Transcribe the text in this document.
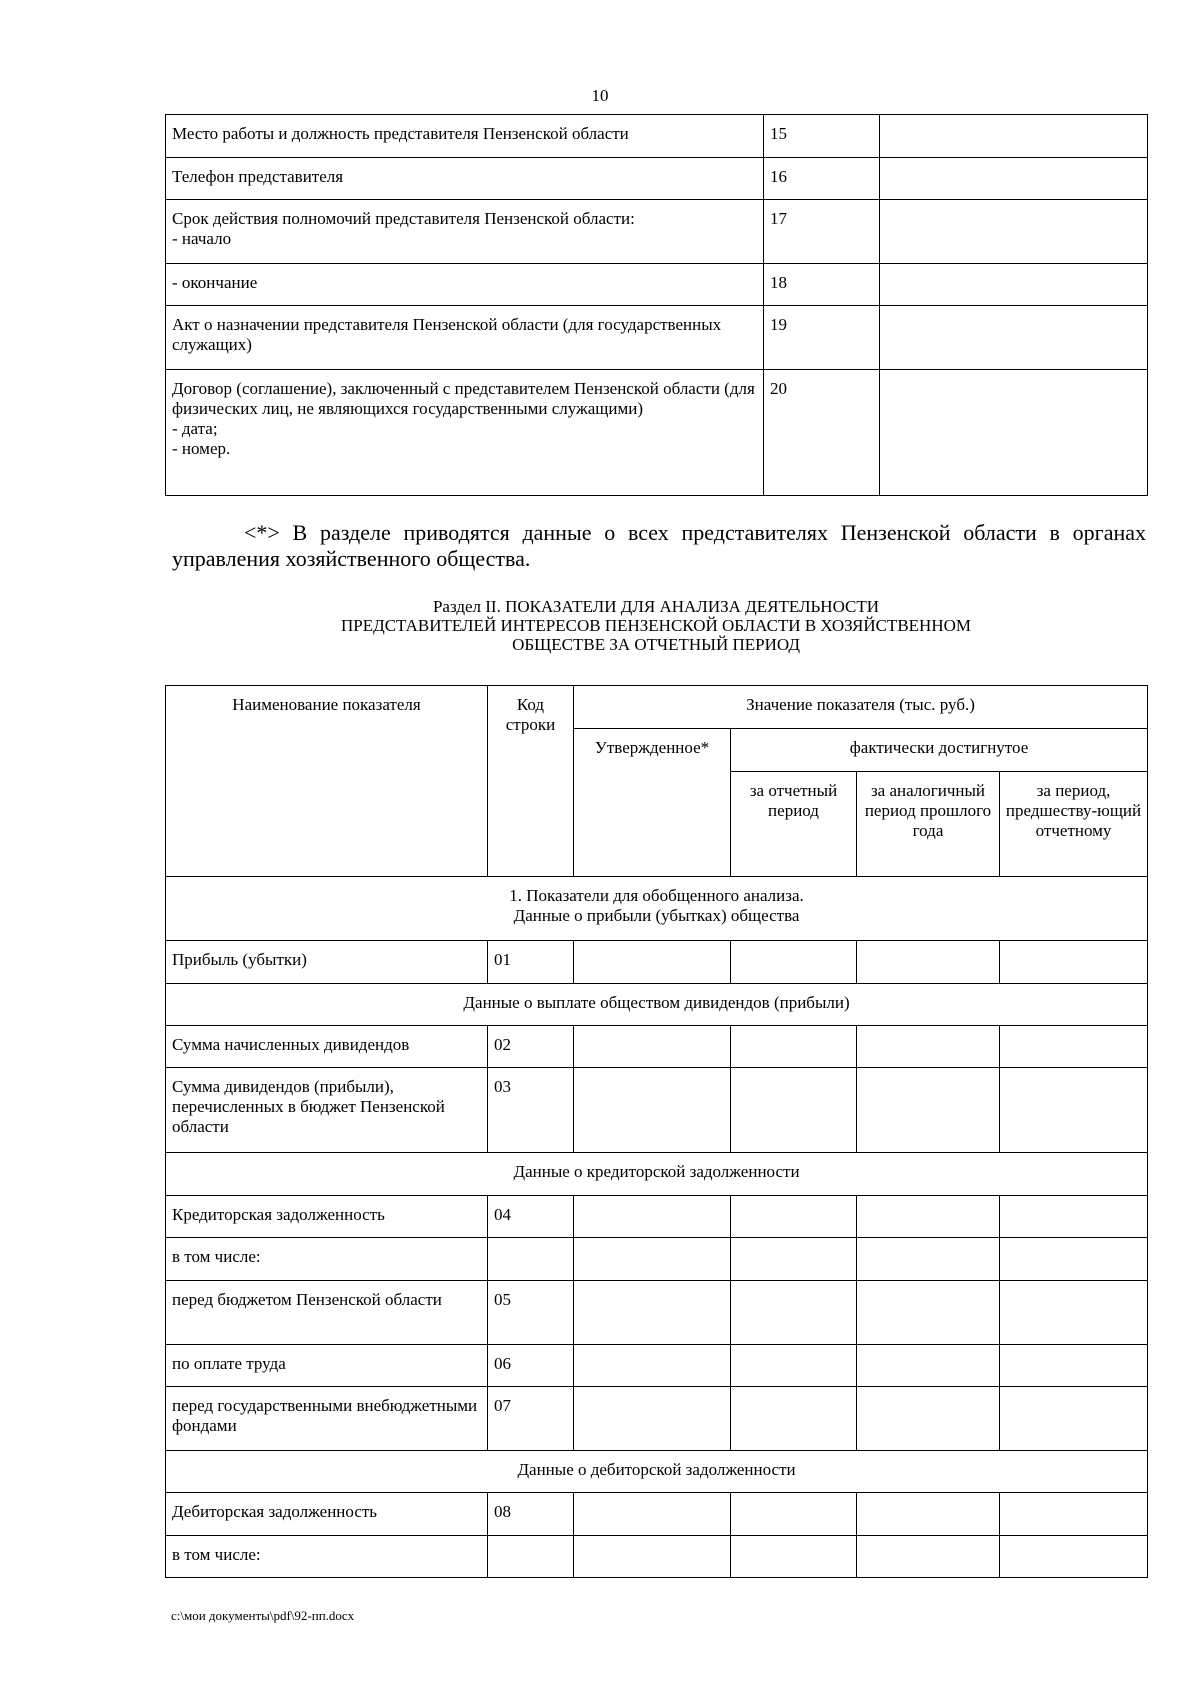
10
Место работы и должность представителя Пензенской области	15	
Телефон представителя	16	
Срок действия полномочий представителя Пензенской области:
- начало	17	
- окончание	18	
Акт о назначении представителя Пензенской области (для государственных служащих)	19	
Договор (соглашение), заключенный с представителем Пензенской области (для физических лиц, не являющихся государственными служащими)
- дата;
- номер.	20	
<*> В разделе приводятся данные о всех представителях Пензенской области в органах управления хозяйственного общества.
Раздел II. ПОКАЗАТЕЛИ ДЛЯ АНАЛИЗА ДЕЯТЕЛЬНОСТИ
ПРЕДСТАВИТЕЛЕЙ ИНТЕРЕСОВ ПЕНЗЕНСКОЙ ОБЛАСТИ В ХОЗЯЙСТВЕННОМ
ОБЩЕСТВЕ ЗА ОТЧЕТНЫЙ ПЕРИОД
Наименование показателя	Код строки	Значение показателя (тыс. руб.)			
		Утвержденное*	фактически достигнутое		
			за отчетный период	за аналогичный период прошлого года	за период, предшеству-ющий отчетному
1. Показатели для обобщенного анализа.
Данные о прибыли (убытках) общества					
Прибыль (убытки)	01				
Данные о выплате обществом дивидендов (прибыли)					
Сумма начисленных дивидендов	02				
Сумма дивидендов (прибыли), перечисленных в бюджет Пензенской области	03				
Данные о кредиторской задолженности					
Кредиторская задолженность	04				
в том числе:					
перед бюджетом Пензенской области	05				
по оплате труда	06				
перед государственными внебюджетными фондами	07				
Данные о дебиторской задолженности					
Дебиторская задолженность	08				
в том числе:					
c:\мои документы\pdf\92-пп.docx
